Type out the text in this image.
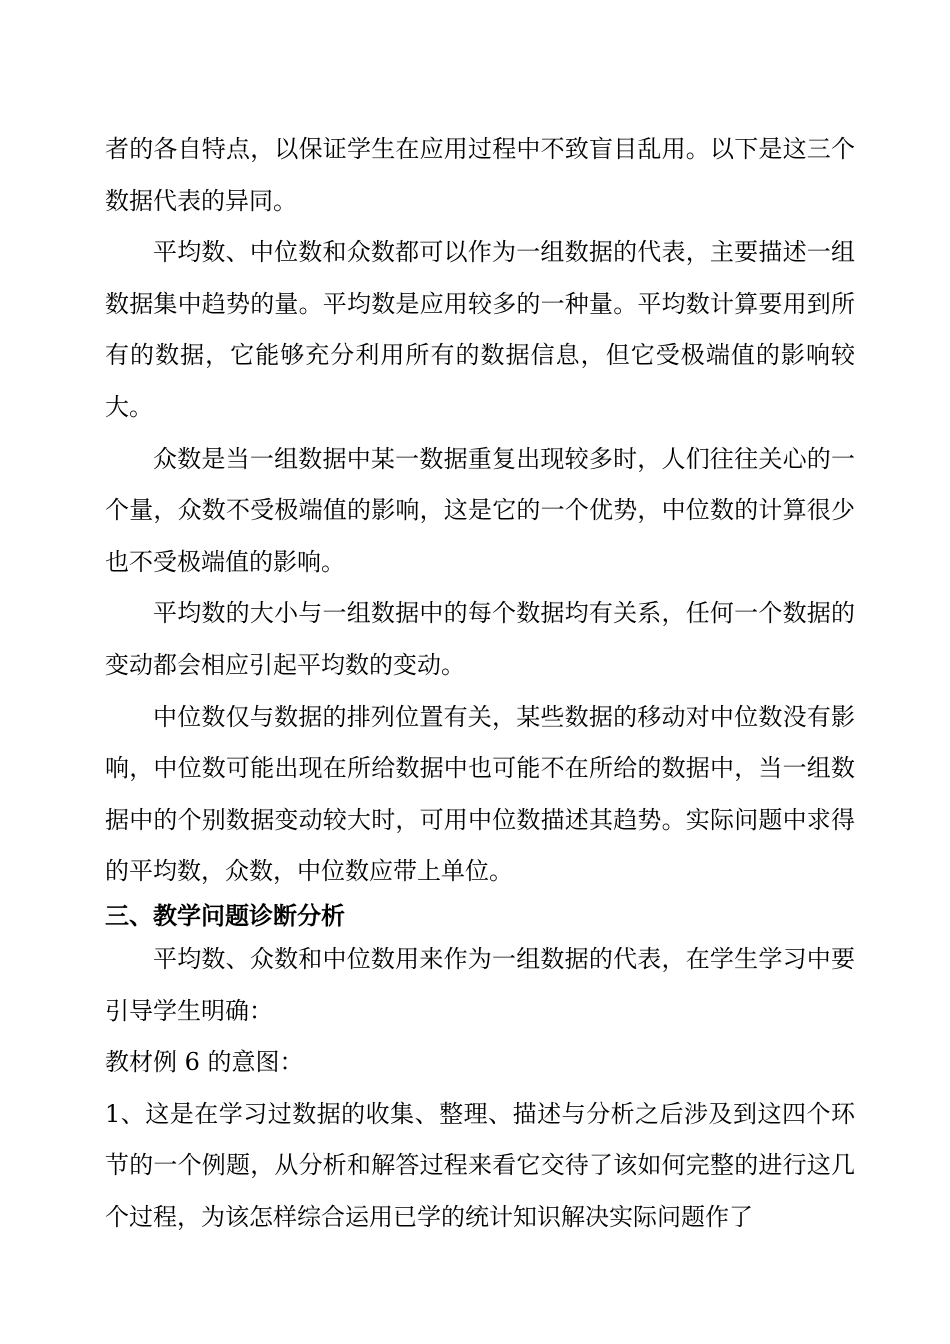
者的各自特点，以保证学生在应用过程中不致盲目乱用。以下是这三个数据代表的异同。

平均数、中位数和众数都可以作为一组数据的代表，主要描述一组数据集中趋势的量。平均数是应用较多的一种量。平均数计算要用到所有的数据，它能够充分利用所有的数据信息，但它受极端值的影响较大。

众数是当一组数据中某一数据重复出现较多时，人们往往关心的一个量，众数不受极端值的影响，这是它的一个优势，中位数的计算很少也不受极端值的影响。

平均数的大小与一组数据中的每个数据均有关系，任何一个数据的变动都会相应引起平均数的变动。

中位数仅与数据的排列位置有关，某些数据的移动对中位数没有影响，中位数可能出现在所给数据中也可能不在所给的数据中，当一组数据中的个别数据变动较大时，可用中位数描述其趋势。实际问题中求得的平均数，众数，中位数应带上单位。

三、教学问题诊断分析

平均数、众数和中位数用来作为一组数据的代表，在学生学习中要引导学生明确：

教材例 6 的意图：

1、这是在学习过数据的收集、整理、描述与分析之后涉及到这四个环节的一个例题，从分析和解答过程来看它交待了该如何完整的进行这几个过程，为该怎样综合运用已学的统计知识解决实际问题作了
